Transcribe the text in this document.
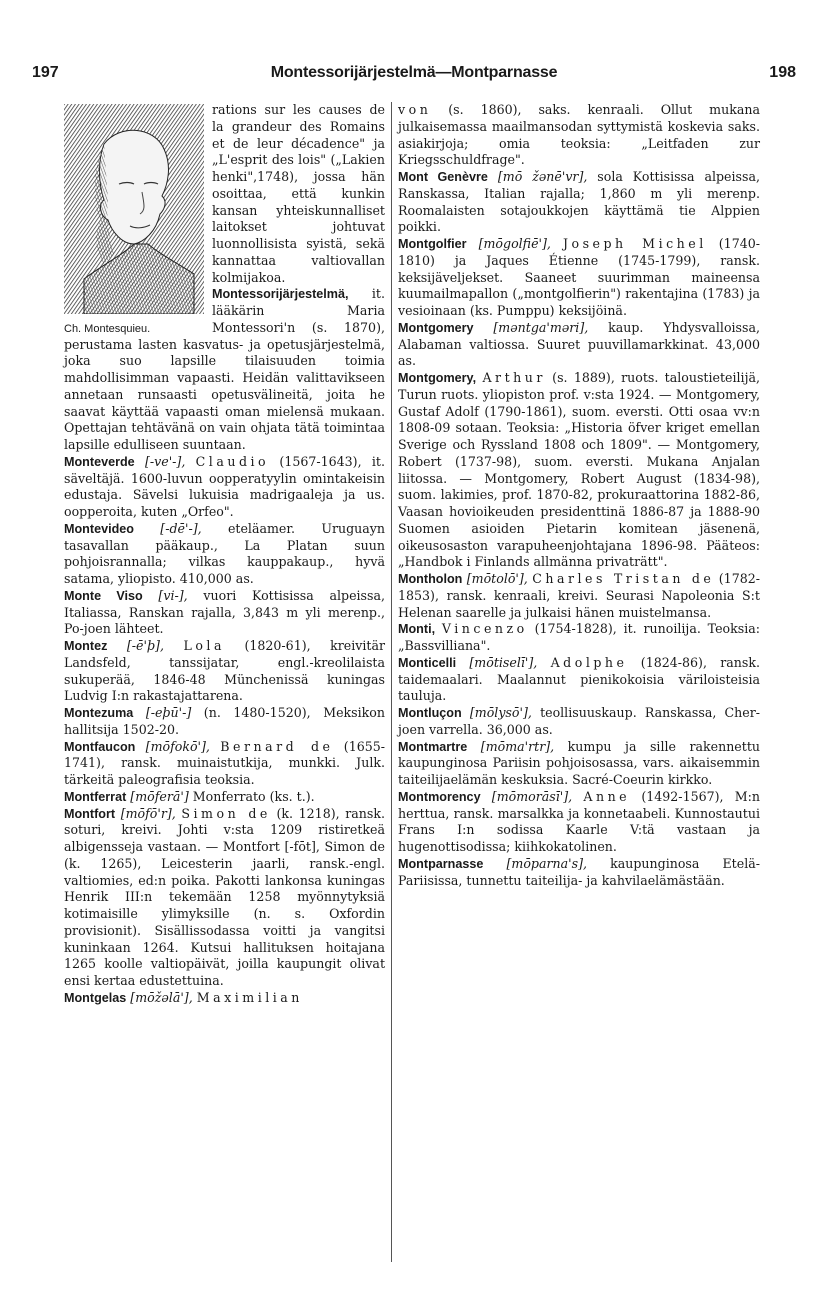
197	Montessorijärjestelmä—Montparnasse	198
Ch. Montesquieu.

rations sur les causes de la grandeur des Romains et de leur décadence" ja „L'esprit des lois" („Lakien henki",1748), jossa hän osoittaa, että kunkin kansan yhteiskunnalliset laitokset johtuvat luonnollisista syistä, sekä kannattaa valtiovallan kolmijakoa.

Montessorijärjestelmä, it. lääkärin Maria Montessori'n (s. 1870), perustama lasten kasvatus- ja opetusjärjestelmä, joka suo lapsille tilaisuuden toimia mahdollisimman vapaasti. Heidän valittavikseen annetaan runsaasti opetusvälineitä, joita he saavat käyttää vapaasti oman mielensä mukaan. Opettajan tehtävänä on vain ohjata tätä toimintaa lapsille edulliseen suuntaan.

Monteverde [-ve'-], Claudio (1567-1643), it. säveltäjä. 1600-luvun oopperatyylin omintakeisin edustaja. Sävelsi lukuisia madrigaaleja ja us. oopperoita, kuten „Orfeo".

Montevideo [-dē'-], eteläamer. Uruguayn tasavallan pääkaup., La Platan suun pohjoisrannalla; vilkas kauppakaup., hyvä satama, yliopisto. 410,000 as.

Monte Viso [vi-], vuori Kottisissa alpeissa, Italiassa, Ranskan rajalla, 3,843 m yli merenp., Po-joen lähteet.

Montez [-ē'þ], Lola (1820-61), kreivitär Landsfeld, tanssijatar, engl.-kreolilaista sukuperää, 1846-48 Münchenissä kuningas Ludvig I:n rakastajattarena.

Montezuma [-eþū'-] (n. 1480-1520), Meksikon hallitsija 1502-20.

Montfaucon [mōfokō'], Bernard de (1655-1741), ransk. muinaistutkija, munkki. Julk. tärkeitä paleografisia teoksia.

Montferrat [mōferā'] Monferrato (ks. t.).

Montfort [mōfō'r], Simon de (k. 1218), ransk. soturi, kreivi. Johti v:sta 1209 ristiretkeä albigensseja vastaan. — Montfort [-fōt], Simon de (k. 1265), Leicesterin jaarli, ransk.-engl. valtiomies, ed:n poika. Pakotti lankonsa kuningas Henrik III:n tekemään 1258 myönnytyksiä kotimaisille ylimyksille (n. s. Oxfordin provisionit). Sisällissodassa voitti ja vangitsi kuninkaan 1264. Kutsui hallituksen hoitajana 1265 koolle valtiopäivät, joilla kaupungit olivat ensi kertaa edustettuina.

Montgelas [mōžəlā'], Maximilian

von (s. 1860), saks. kenraali. Ollut mukana julkaisemassa maailmansodan syttymistä koskevia saks. asiakirjoja; omia teoksia: „Leitfaden zur Kriegsschuldfrage".

Mont Genèvre [mō žənē'vr], sola Kottisissa alpeissa, Ranskassa, Italian rajalla; 1,860 m yli merenp. Roomalaisten sotajoukkojen käyttämä tie Alppien poikki.

Montgolfier [mōgolfiē'], Joseph Michel (1740-1810) ja Jaques Étienne (1745-1799), ransk. keksijäveljekset. Saaneet suurimman maineensa kuumailmapallon („montgolfierin") rakentajina (1783) ja vesioinaan (ks. Pumppu) keksijöinä.

Montgomery [məntga'məri], kaup. Yhdysvalloissa, Alabaman valtiossa. Suuret puuvillamarkkinat. 43,000 as.

Montgomery, Arthur (s. 1889), ruots. taloustieteilijä, Turun ruots. yliopiston prof. v:sta 1924. — Montgomery, Gustaf Adolf (1790-1861), suom. eversti. Otti osaa vv:n 1808-09 sotaan. Teoksia: „Historia öfver kriget emellan Sverige och Ryssland 1808 och 1809". — Montgomery, Robert (1737-98), suom. eversti. Mukana Anjalan liitossa. — Montgomery, Robert August (1834-98), suom. lakimies, prof. 1870-82, prokuraattorina 1882-86, Vaasan hovioikeuden presidenttinä 1886-87 ja 1888-90 Suomen asioiden Pietarin komitean jäsenenä, oikeusosaston varapuheenjohtajana 1896-98. Pääteos: „Handbok i Finlands allmänna privaträtt".

Montholon [mōtolō'], Charles Tristan de (1782-1853), ransk. kenraali, kreivi. Seurasi Napoleonia S:t Helenan saarelle ja julkaisi hänen muistelmansa.

Monti, Vincenzo (1754-1828), it. runoilija. Teoksia: „Bassvilliana".

Monticelli [mōtiselī'], Adolphe (1824-86), ransk. taidemaalari. Maalannut pienikokoisia väriloisteisia tauluja.

Montluçon [mōlysō'], teollisuuskaup. Ranskassa, Cher-joen varrella. 36,000 as.

Montmartre [mōma'rtr], kumpu ja sille rakennettu kaupunginosa Pariisin pohjoisosassa, vars. aikaisemmin taiteilijaelämän keskuksia. Sacré-Coeurin kirkko.

Montmorency [mōmorāsī'], Anne (1492-1567), M:n herttua, ransk. marsalkka ja konnetaabeli. Kunnostautui Frans I:n sodissa Kaarle V:tä vastaan ja hugenottisodissa; kiihkokatolinen.

Montparnasse [mōparna's], kaupunginosa Etelä-Pariisissa, tunnettu taiteilija- ja kahvilaelämästään.
